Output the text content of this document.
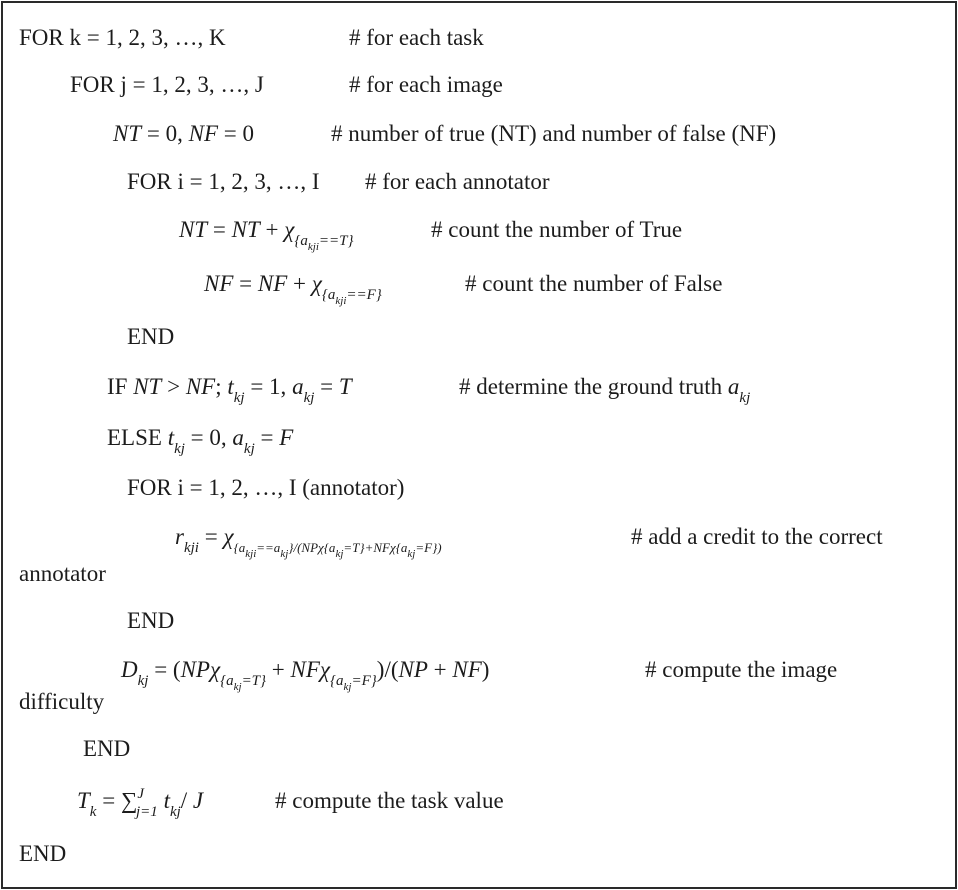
FOR k = 1, 2, 3, …, K	# for each task
FOR j = 1, 2, 3, …, J	# for each image
NT = 0, NF = 0	# number of true (NT) and number of false (NF)
FOR i = 1, 2, 3, …, I # for each annotator
NT = NT + $\chi_{\{a_{kji}==T\}}$	# count the number of True
NF = NF + $\chi_{\{a_{kji}==F\}}$	# count the number of False
END
IF NT > NF; $t_{kj} = 1$, $a_{kj} = T$	# determine the ground truth $a_{kj}$
ELSE $t_{kj} = 0$, $a_{kj} = F$
FOR i = 1, 2, …, I (annotator)
$r_{kji} = \chi_{\{a_{kji}==a_{kj}\}/(NP\chi\{a_{kj}=T\}+NF\chi\{a_{kj}=F\})}$	# add a credit to the correct
annotator
END
$D_{kj} = (NP\chi_{\{a_{kj}=T\}} + NF\chi_{\{a_{kj}=F\}})/(NP + NF)$	# compute the image
difficulty
END
$T_k = \sum^J_{j=1}$ $t_{kj}/$ J	# compute the task value
END
